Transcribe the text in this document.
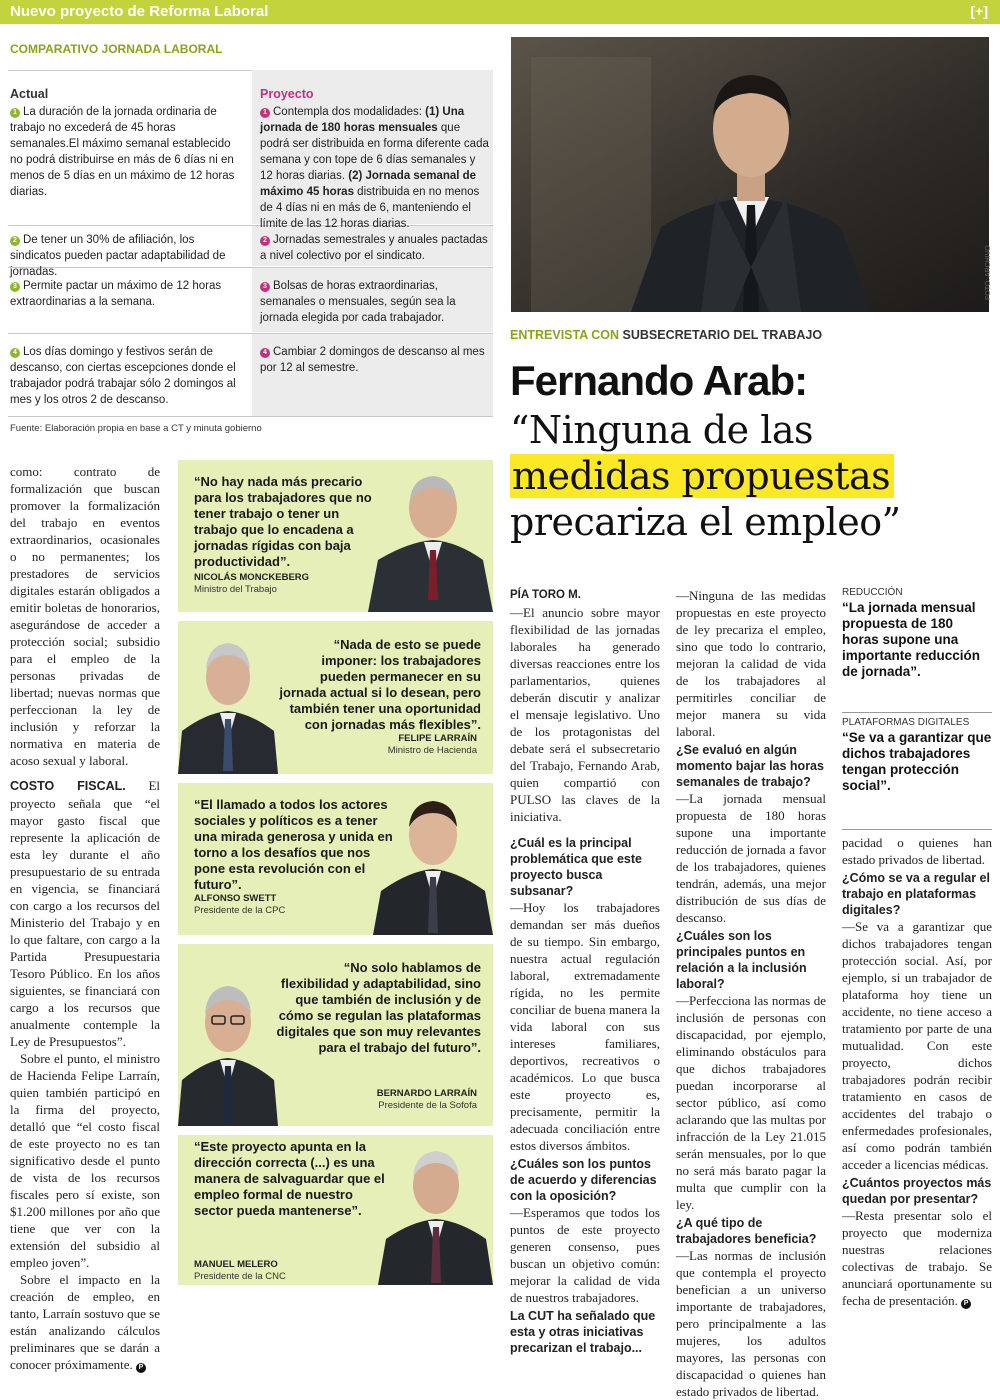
Nuevo proyecto de Reforma Laboral	[+]
COMPARATIVO JORNADA LABORAL
Actual
1 La duración de la jornada ordinaria de trabajo no excederá de 45 horas semanales.El máximo semanal establecido no podrá distribuirse en más de 6 días ni en menos de 5 días en un máximo de 12 horas diarias.
Proyecto
1 Contempla dos modalidades: (1) Una jornada de 180 horas mensuales que podrá ser distribuida en forma diferente cada semana y con tope de 6 días semanales y 12 horas diarias. (2) Jornada semanal de máximo 45 horas distribuida en no menos de 4 días ni en más de 6, manteniendo el límite de las 12 horas diarias.
2 De tener un 30% de afiliación, los sindicatos pueden pactar adaptabilidad de jornadas.
2 Jornadas semestrales y anuales pactadas a nivel colectivo por el sindicato.
3 Permite pactar un máximo de 12 horas extraordinarias a la semana.
3 Bolsas de horas extraordinarias, semanales o mensuales, según sea la jornada elegida por cada trabajador.
4 Los días domingo y festivos serán de descanso, con ciertas escepciones donde el trabajador podrá trabajar sólo 2 domingos al mes y los otros 2 de descanso.
4 Cambiar 2 domingos de descanso al mes por 12 al semestre.
Fuente: Elaboración propia en base a CT y minuta gobierno
FOTO: ARCHIVO
ENTREVISTA CON SUBSECRETARIO DEL TRABAJO
Fernando Arab:
“Ninguna de las
medidas propuestas
precariza el empleo”

como: contrato de formalización que buscan promover la formalización del trabajo en eventos extraordinarios, ocasionales o no permanentes; los prestadores de servicios digitales estarán obligados a emitir boletas de honorarios, asegurándose de acceder a protección social; subsidio para el empleo de la personas privadas de libertad; nuevas normas que perfeccionan la ley de inclusión y reforzar la normativa en materia de acoso sexual y laboral.

COSTO FISCAL. El proyecto señala que “el mayor gasto fiscal que represente la aplicación de esta ley durante el año presupuestario de su entrada en vigencia, se financiará con cargo a los recursos del Ministerio del Trabajo y en lo que faltare, con cargo a la Partida Presupuestaria Tesoro Público. En los años siguientes, se financiará con cargo a los recursos que anualmente contemple la Ley de Presupuestos”.

Sobre el punto, el ministro de Hacienda Felipe Larraín, quien también participó en la firma del proyecto, detalló que “el costo fiscal de este proyecto no es tan significativo desde el punto de vista de los recursos fiscales pero sí existe, son $1.200 millones por año que tiene que ver con la extensión del subsidio al empleo joven”.

Sobre el impacto en la creación de empleo, en tanto, Larraín sostuvo que se están analizando cálculos preliminares que se darán a conocer próximamente. P

“No hay nada más precario para los trabajadores que no tener trabajo o tener un trabajo que lo encadena a jornadas rígidas con baja productividad”.
NICOLÁS MONCKEBERG
Ministro del Trabajo
“Nada de esto se puede imponer: los trabajadores pueden permanecer en su jornada actual si lo desean, pero también tener una oportunidad con jornadas más flexibles”.
FELIPE LARRAÍN
Ministro de Hacienda
“El llamado a todos los actores sociales y políticos es a tener una mirada generosa y unida en torno a los desafíos que nos pone esta revolución con el futuro”.
ALFONSO SWETT
Presidente de la CPC
“No solo hablamos de flexibilidad y adaptabilidad, sino que también de inclusión y de cómo se regulan las plataformas digitales que son muy relevantes para el trabajo del futuro”.
BERNARDO LARRAÍN
Presidente de la Sofofa
“Este proyecto apunta en la dirección correcta (...) es una manera de salvaguardar que el empleo formal de nuestro sector pueda mantenerse”.
MANUEL MELERO
Presidente de la CNC

PÍA TORO M.

—El anuncio sobre mayor flexibilidad de las jornadas laborales ha generado diversas reacciones entre los parlamentarios, quienes deberán discutir y analizar el mensaje legislativo. Uno de los protagonistas del debate será el subsecretario del Trabajo, Fernando Arab, quien compartió con PULSO las claves de la iniciativa.

¿Cuál es la principal problemática que este proyecto busca subsanar?

—Hoy los trabajadores demandan ser más dueños de su tiempo. Sin embargo, nuestra actual regulación laboral, extremadamente rígida, no les permite conciliar de buena manera la vida laboral con sus intereses familiares, deportivos, recreativos o académicos. Lo que busca este proyecto es, precisamente, permitir la adecuada conciliación entre estos diversos ámbitos.

¿Cuáles son los puntos de acuerdo y diferencias con la oposición?

—Esperamos que todos los puntos de este proyecto generen consenso, pues buscan un objetivo común: mejorar la calidad de vida de nuestros trabajadores.

La CUT ha señalado que esta y otras iniciativas precarizan el trabajo...

—Ninguna de las medidas propuestas en este proyecto de ley precariza el empleo, sino que todo lo contrario, mejoran la calidad de vida de los trabajadores al permitirles conciliar de mejor manera su vida laboral.

¿Se evaluó en algún momento bajar las horas semanales de trabajo?

—La jornada mensual propuesta de 180 horas supone una importante reducción de jornada a favor de los trabajadores, quienes tendrán, además, una mejor distribución de sus días de descanso.

¿Cuáles son los principales puntos en relación a la inclusión laboral?

—Perfecciona las normas de inclusión de personas con discapacidad, por ejemplo, eliminando obstáculos para que dichos trabajadores puedan incorporarse al sector público, así como aclarando que las multas por infracción de la Ley 21.015 serán mensuales, por lo que no será más barato pagar la multa que cumplir con la ley.

¿A qué tipo de trabajadores beneficia?

—Las normas de inclusión que contempla el proyecto benefician a un universo importante de trabajadores, pero principalmente a las mujeres, los adultos mayores, las personas con discapacidad o quienes han estado privados de libertad.

REDUCCIÓN
“La jornada mensual propuesta de 180 horas supone una importante reducción de jornada”.
PLATAFORMAS DIGITALES
“Se va a garantizar que dichos trabajadores tengan protección social”.

pacidad o quienes han estado privados de libertad.

¿Cómo se va a regular el trabajo en plataformas digitales?

—Se va a garantizar que dichos trabajadores tengan protección social. Así, por ejemplo, si un trabajador de plataforma hoy tiene un accidente, no tiene acceso a tratamiento por parte de una mutualidad. Con este proyecto, dichos trabajadores podrán recibir tratamiento en casos de accidentes del trabajo o enfermedades profesionales, así como podrán también acceder a licencias médicas.

¿Cuántos proyectos más quedan por presentar?

—Resta presentar solo el proyecto que moderniza nuestras relaciones colectivas de trabajo. Se anunciará oportunamente su fecha de presentación. P
